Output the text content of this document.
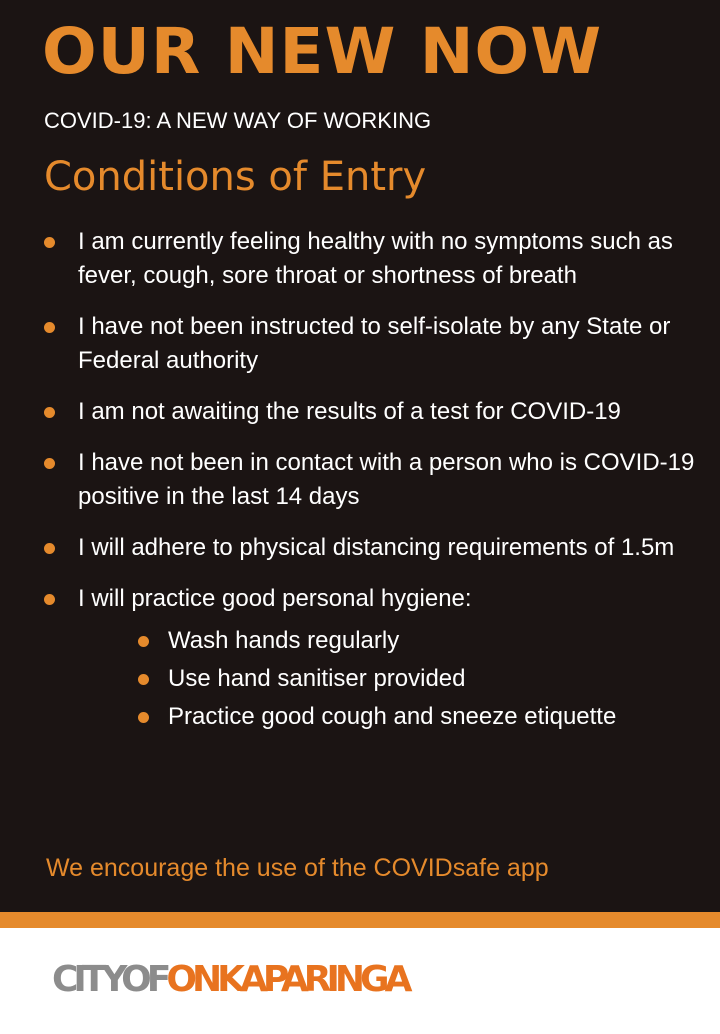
OUR NEW NOW
COVID-19: A NEW WAY OF WORKING
Conditions of Entry
I am currently feeling healthy with no symptoms such as fever, cough, sore throat or shortness of breath
I have not been instructed to self-isolate by any State or Federal authority
I am not awaiting the results of a test for COVID-19
I have not been in contact with a person who is COVID-19 positive in the last 14 days
I will adhere to physical distancing requirements of 1.5m
I will practice good personal hygiene:
Wash hands regularly
Use hand sanitiser provided
Practice good cough and sneeze etiquette
We encourage the use of the COVIDsafe app
CITYOFONKAPARINGA
